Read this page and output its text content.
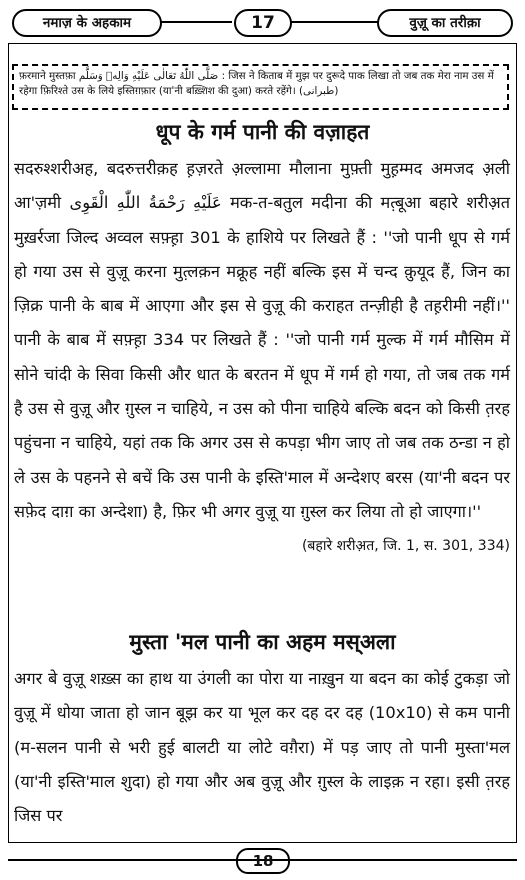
नमाज़ के अहकाम	17	वुज़ू का तरीक़ा
फ़रमाने मुस्तफ़ा صَلَّى اللّٰهُ تَعَالٰى عَلَيْهِ وَالِهٖ وَسَلَّم : जिस ने किताब में मुझ पर दुरूदे पाक लिखा तो जब तक मेरा नाम उस में रहेगा फ़िरिश्ते उस के लिये इस्तिग़फ़ार (या'नी बख़्शिश की दुआ) करते रहेंगे। (طبرانی)
धूप के गर्म पानी की वज़ाहत

सदरुश्शरीअह, बदरुत्तरीक़ह ह़ज़रते अ़ल्लामा मौलाना मुफ़्ती मुह़म्मद अमजद अ़ली आ'ज़मी عَلَيْهِ رَحْمَةُ اللّٰهِ الْقَوِی मक-त-बतुल मदीना की मत़्बूआ बहारे शरीअ़त मुख़र्रजा जिल्द अव्वल सफ़्ह़ा 301 के हाशिये पर लिखते हैं : ''जो पानी धूप से गर्म हो गया उस से वुज़ू करना मुत़्लक़न मक्रूह नहीं बल्कि इस में चन्द क़ुयूद हैं, जिन का ज़िक्र पानी के बाब में आएगा और इस से वुज़ू की कराहत तन्ज़ीही है तह़रीमी नहीं।'' पानी के बाब में सफ़्ह़ा 334 पर लिखते हैं : ''जो पानी गर्म मुल्क में गर्म मौसिम में सोने चांदी के सिवा किसी और धात के बरतन में धूप में गर्म हो गया, तो जब तक गर्म है उस से वुज़ू और ग़ुस्ल न चाहिये, न उस को पीना चाहिये बल्कि बदन को किसी त़रह पहुंचना न चाहिये, यहां तक कि अगर उस से कपड़ा भीग जाए तो जब तक ठन्डा न हो ले उस के पहनने से बचें कि उस पानी के इस्ति'माल में अन्देशए बरस (या'नी बदन पर सफ़ेद दाग़ का अन्देशा) है, फ़िर भी अगर वुज़ू या ग़ुस्ल कर लिया तो हो जाएगा।''
(बहारे शरीअ़त, जि. 1, स. 301, 334)

मुस्ता 'मल पानी का अहम मस्अला

अगर बे वुज़ू शख़्स का हाथ या उंगली का पोरा या नाख़ुन या बदन का कोई टुकड़ा जो वुज़ू में धोया जाता हो जान बूझ कर या भूल कर दह दर दह (10x10) से कम पानी (म-सलन पानी से भरी हुई बालटी या लोटे वग़ैरा) में पड़ जाए तो पानी मुस्ता'मल (या'नी इस्ति'माल शुदा) हो गया और अब वुज़ू और ग़ुस्ल के लाइक़ न रहा। इसी त़रह जिस पर

18
